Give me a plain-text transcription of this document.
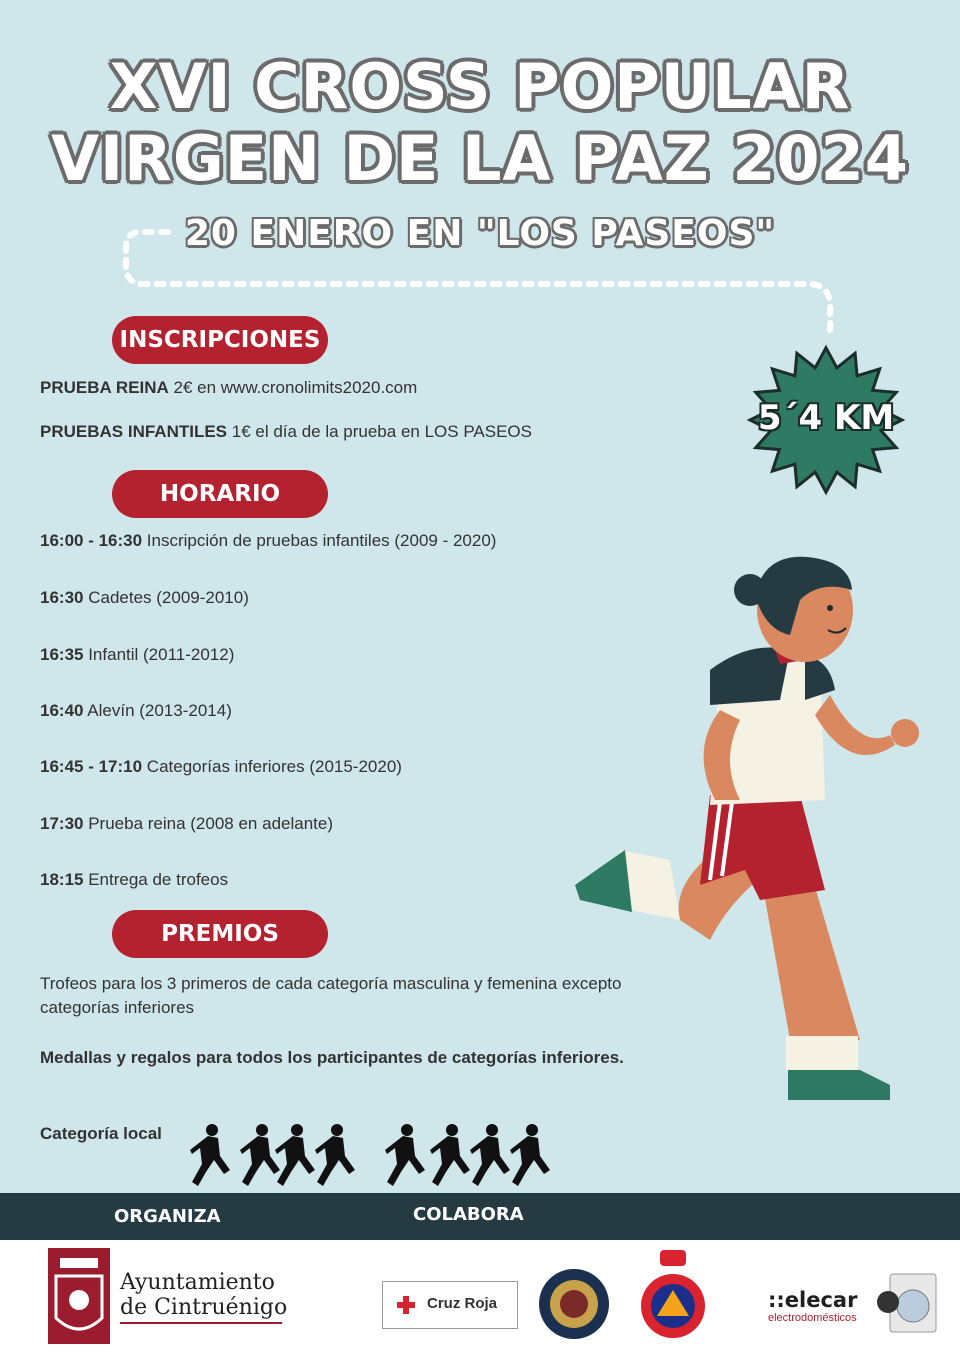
XVI CROSS POPULAR
VIRGEN DE LA PAZ 2024
20 ENERO EN "LOS PASEOS"
5´4 KM
INSCRIPCIONES
PRUEBA REINA 2€ en www.cronolimits2020.com
PRUEBAS INFANTILES 1€ el día de la prueba en LOS PASEOS
HORARIO
16:00 - 16:30 Inscripción de pruebas infantiles (2009 - 2020)
16:30 Cadetes (2009-2010)
16:35 Infantil (2011-2012)
16:40 Alevín (2013-2014)
16:45 - 17:10 Categorías inferiores (2015-2020)
17:30 Prueba reina (2008 en adelante)
18:15 Entrega de trofeos
PREMIOS
Trofeos para los 3 primeros de cada categoría masculina y femenina excepto categorías inferiores
Medallas y regalos para todos los participantes de categorías inferiores.
Categoría local
ORGANIZA	COLABORA
Ayuntamiento
de Cintruénigo	Cruz Roja	::elecar
electrodomésticos
